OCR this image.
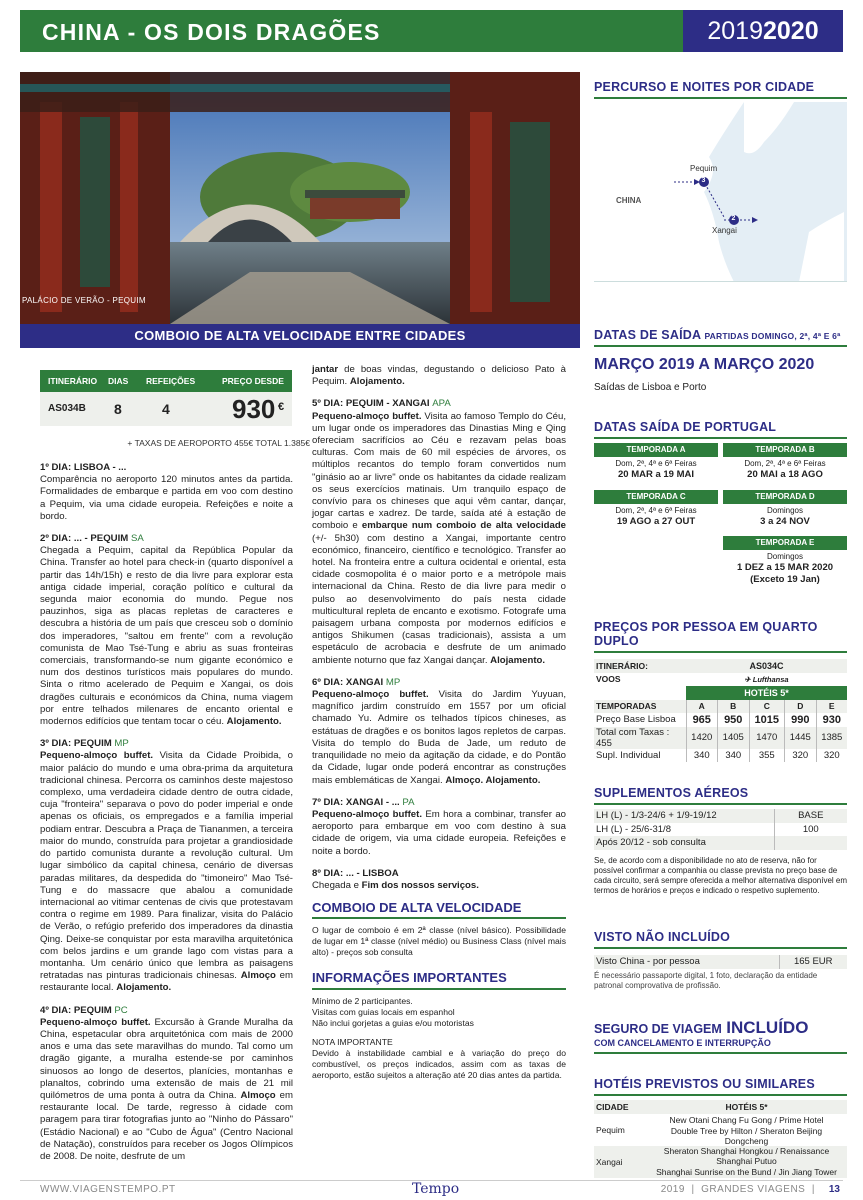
CHINA - OS DOIS DRAGÕES	20192020
PALÁCIO DE VERÃO - PEQUIM
COMBOIO DE ALTA VELOCIDADE ENTRE CIDADES
ITINERÁRIO DIAS REFEIÇÕES	PREÇO DESDE
AS034B 8	4 930 €
+ TAXAS DE AEROPORTO 455€ TOTAL 1.385€
1º DIA: LISBOA - ...
Comparência no aeroporto 120 minutos antes da partida. Formalidades de embarque e partida em voo com destino a Pequim, via uma cidade europeia. Refeições e noite a bordo.
2º DIA: ... - PEQUIM SA
Chegada a Pequim, capital da República Popular da China. Transfer ao hotel para check-in (quarto disponível a partir das 14h/15h) e resto de dia livre para explorar esta antiga cidade imperial, coração político e cultural da segunda maior economia do mundo. Pegue nos pauzinhos, siga as placas repletas de caracteres e descubra a história de um país que cresceu sob o domínio dos imperadores, "saltou em frente" com a revolução comunista de Mao Tsé-Tung e abriu as suas fronteiras comerciais, transformando-se num gigante económico e num dos destinos turísticos mais populares do mundo. Sinta o ritmo acelerado de Pequim e Xangai, os dois dragões culturais e económicos da China, numa viagem por entre telhados milenares de encanto oriental e modernos edifícios que tentam tocar o céu. Alojamento.
3º DIA: PEQUIM MP
Pequeno-almoço buffet. Visita da Cidade Proibida, o maior palácio do mundo e uma obra-prima da arquitetura tradicional chinesa. Percorra os caminhos deste majestoso complexo, uma verdadeira cidade dentro de outra cidade, cuja "fronteira" separava o povo do poder imperial e onde apenas os oficiais, os empregados e a família imperial podiam entrar. Descubra a Praça de Tiananmen, a terceira maior do mundo, construída para projetar a grandiosidade do partido comunista durante a revolução cultural. Um lugar simbólico da capital chinesa, cenário de diversas paradas militares, da despedida do "timoneiro" Mao Tsé-Tung e do massacre que abalou a comunidade internacional ao vitimar centenas de civis que protestavam contra o regime em 1989. Para finalizar, visita do Palácio de Verão, o refúgio preferido dos imperadores da dinastia Qing. Deixe-se conquistar por esta maravilha arquitetónica com belos jardins e um grande lago com vistas para a montanha. Um cenário único que lembra as paisagens retratadas nas pinturas tradicionais chinesas. Almoço em restaurante local. Alojamento.
4º DIA: PEQUIM PC
Pequeno-almoço buffet. Excursão à Grande Muralha da China, espetacular obra arquitetónica com mais de 2000 anos e uma das sete maravilhas do mundo. Tal como um dragão gigante, a muralha estende-se por caminhos sinuosos ao longo de desertos, planícies, montanhas e planaltos, cobrindo uma extensão de mais de 21 mil quilómetros de uma ponta à outra da China. Almoço em restaurante local. De tarde, regresso à cidade com paragem para tirar fotografias junto ao "Ninho do Pássaro" (Estádio Nacional) e ao "Cubo de Água" (Centro Nacional de Natação), construídos para receber os Jogos Olímpicos de 2008. De noite, desfrute de um
jantar de boas vindas, degustando o delicioso Pato à Pequim. Alojamento.
5º DIA: PEQUIM - XANGAI APA
Pequeno-almoço buffet. Visita ao famoso Templo do Céu, um lugar onde os imperadores das Dinastias Ming e Qing ofereciam sacrifícios ao Céu e rezavam pelas boas culturas. Com mais de 60 mil espécies de árvores, os múltiplos recantos do templo foram convertidos num "ginásio ao ar livre" onde os habitantes da cidade realizam os seus exercícios matinais. Um tranquilo espaço de convívio para os chineses que aqui vêm cantar, dançar, jogar cartas e xadrez. De tarde, saída até à estação de comboio e embarque num comboio de alta velocidade (+/- 5h30) com destino a Xangai, importante centro económico, financeiro, científico e tecnológico. Transfer ao hotel. Na fronteira entre a cultura ocidental e oriental, esta cidade cosmopolita é o maior porto e a metrópole mais internacional da China. Resto de dia livre para medir o pulso ao desenvolvimento do país nesta cidade multicultural repleta de encanto e exotismo. Fotografe uma paisagem urbana composta por modernos edifícios e antigos Shikumen (casas tradicionais), assista a um espetáculo de acrobacia e desfrute de um animado ambiente noturno que faz Xangai dançar. Alojamento.
6º DIA: XANGAI MP
Pequeno-almoço buffet. Visita do Jardim Yuyuan, magnífico jardim construído em 1557 por um oficial chamado Yu. Admire os telhados típicos chineses, as estátuas de dragões e os bonitos lagos repletos de carpas. Visita do templo do Buda de Jade, um reduto de tranquilidade no meio da agitação da cidade, e do Pontão da Cidade, lugar onde poderá encontrar as construções mais emblemáticas de Xangai. Almoço. Alojamento.
7º DIA: XANGAI - ... PA
Pequeno-almoço buffet. Em hora a combinar, transfer ao aeroporto para embarque em voo com destino à sua cidade de origem, via uma cidade europeia. Refeições e noite a bordo.
8º DIA: ... - LISBOA
Chegada e Fim dos nossos serviços.
COMBOIO DE ALTA VELOCIDADE
O lugar de comboio é em 2ª classe (nível básico). Possibilidade de lugar em 1ª classe (nível médio) ou Business Class (nível mais alto) - preços sob consulta
INFORMAÇÕES IMPORTANTES
Mínimo de 2 participantes.
Visitas com guias locais em espanhol
Não inclui gorjetas a guias e/ou motoristas
NOTA IMPORTANTE
Devido à instabilidade cambial e à variação do preço do combustível, os preços indicados, assim com as taxas de aeroporto, estão sujeitos a alteração até 20 dias antes da partida.
PERCURSO E NOITES POR CIDADE
CHINA
Pequim
3
Xangai
2
DATAS DE SAÍDA PARTIDAS DOMINGO, 2ª, 4ª E 6ª
MARÇO 2019 A MARÇO 2020
Saídas de Lisboa e Porto
DATAS SAÍDA DE PORTUGAL
TEMPORADA A
Dom, 2ª, 4ª e 6ª Feiras
20 MAR a 19 MAI
TEMPORADA B
Dom, 2ª, 4ª e 6ª Feiras
20 MAI a 18 AGO
TEMPORADA C
Dom, 2ª, 4ª e 6ª Feiras
19 AGO a 27 OUT
TEMPORADA D
Domingos
3 a 24 NOV
TEMPORADA E
Domingos
1 DEZ a 15 MAR 2020 (Exceto 19 Jan)
PREÇOS POR PESSOA EM QUARTO DUPLO
ITINERÁRIO:	AS034C
VOOS	✈ Lufthansa
	HOTÉIS 5*
TEMPORADAS	A	B	C	D	E
Preço Base Lisboa	965	950	1015	990	930
Total com Taxas : 455	1420	1405	1470	1445	1385
Supl. Individual	340	340	355	320	320
SUPLEMENTOS AÉREOS
LH (L) - 1/3-24/6 + 1/9-19/12	BASE
LH (L) - 25/6-31/8	100
Após 20/12 - sob consulta	
Se, de acordo com a disponibilidade no ato de reserva, não for possível confirmar a companhia ou classe prevista no preço base de cada circuito, será sempre oferecida a melhor alternativa disponível em termos de horários e preços e indicado o respetivo suplemento.
VISTO NÃO INCLUÍDO
Visto China - por pessoa	165 EUR
É necessário passaporte digital, 1 foto, declaração da entidade patronal comprovativa de profissão.
SEGURO DE VIAGEM INCLUÍDO
COM CANCELAMENTO E INTERRUPÇÃO
HOTÉIS PREVISTOS OU SIMILARES
CIDADE	HOTÉIS 5*
Pequim	New Otani Chang Fu Gong / Prime Hotel
	Double Tree by Hilton / Sheraton Beijing Dongcheng
Xangai	Sheraton Shanghai Hongkou / Renaissance Shanghai Putuo
	Shanghai Sunrise on the Bund / Jin Jiang Tower
WWW.VIAGENSTEMPO.PT	Tempo	2019  |  GRANDES VIAGENS  | 13
